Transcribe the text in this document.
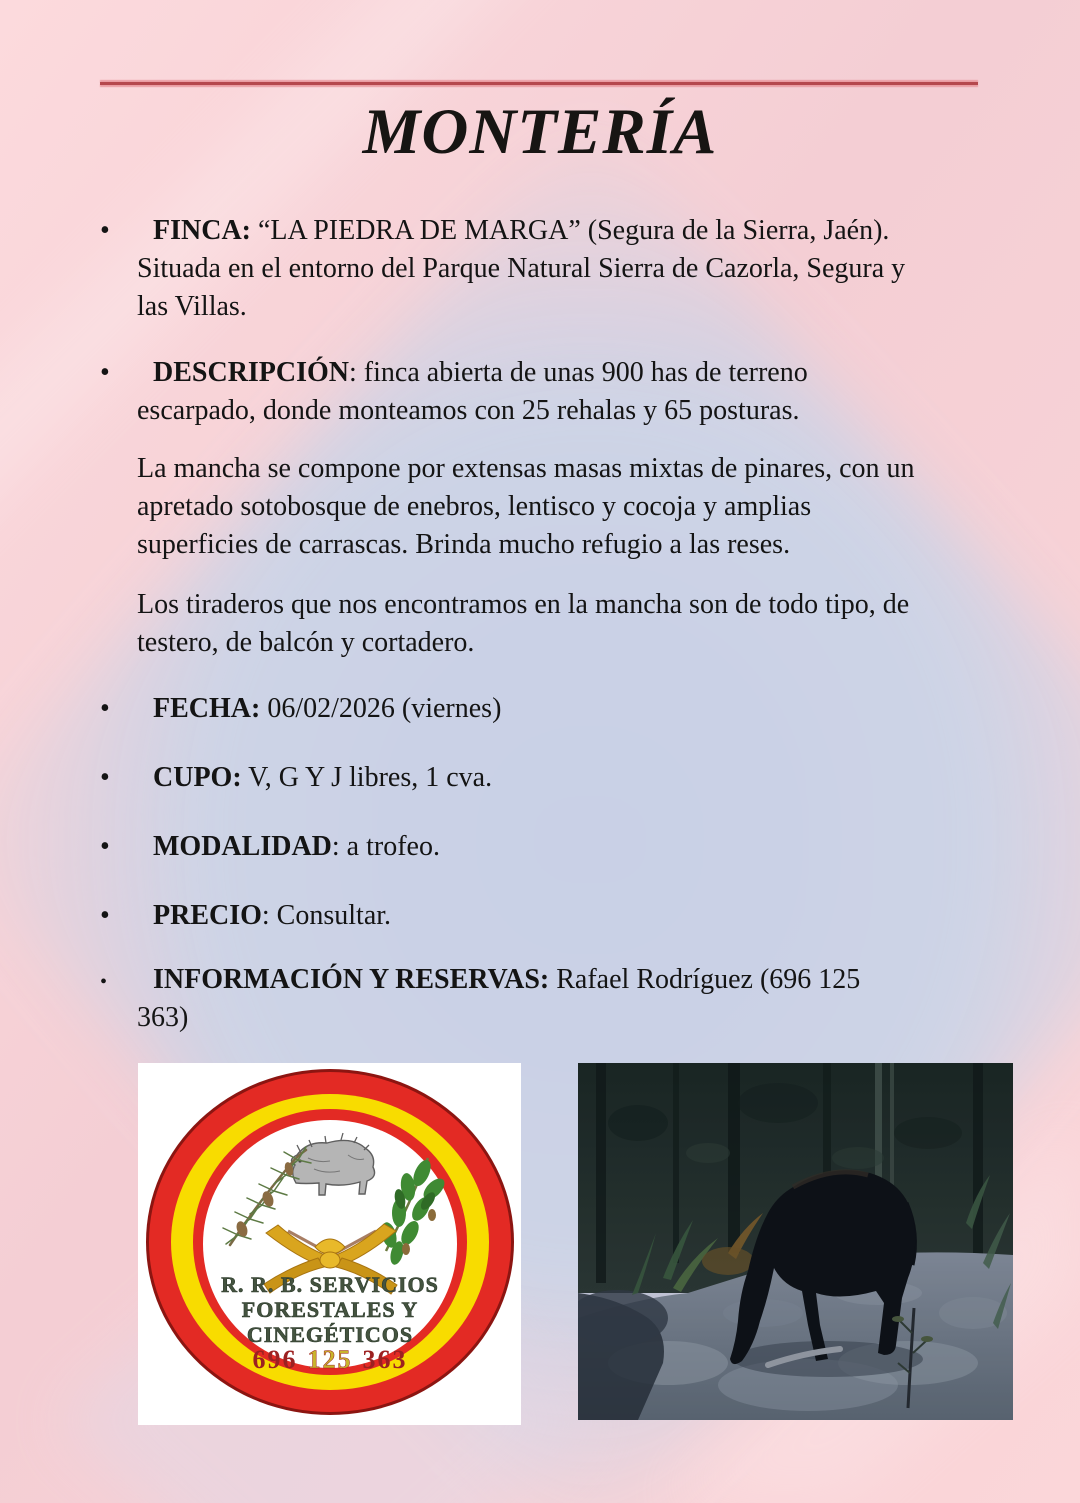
MONTERÍA
•

FINCA: “LA PIEDRA DE MARGA” (Segura de la Sierra, Jaén). Situada en el entorno del Parque Natural Sierra de Cazorla, Segura y las Villas.

•

DESCRIPCIÓN: finca abierta de unas 900 has de terreno escarpado, donde monteamos con 25 rehalas y 65 posturas.

La mancha se compone por extensas masas mixtas de pinares, con un apretado sotobosque de enebros, lentisco y cocoja y amplias superficies de carrascas. Brinda mucho refugio a las reses.

Los tiraderos que nos encontramos en la mancha son de todo tipo, de testero, de balcón y cortadero.

•

FECHA: 06/02/2026 (viernes)

•

CUPO: V, G Y J libres, 1 cva.

•

MODALIDAD: a trofeo.

•

PRECIO: Consultar.

•

INFORMACIÓN Y RESERVAS: Rafael Rodríguez (696 125 363)

R. R. B. SERVICIOS
FORESTALES Y
CINEGÉTICOS
696 125 363
